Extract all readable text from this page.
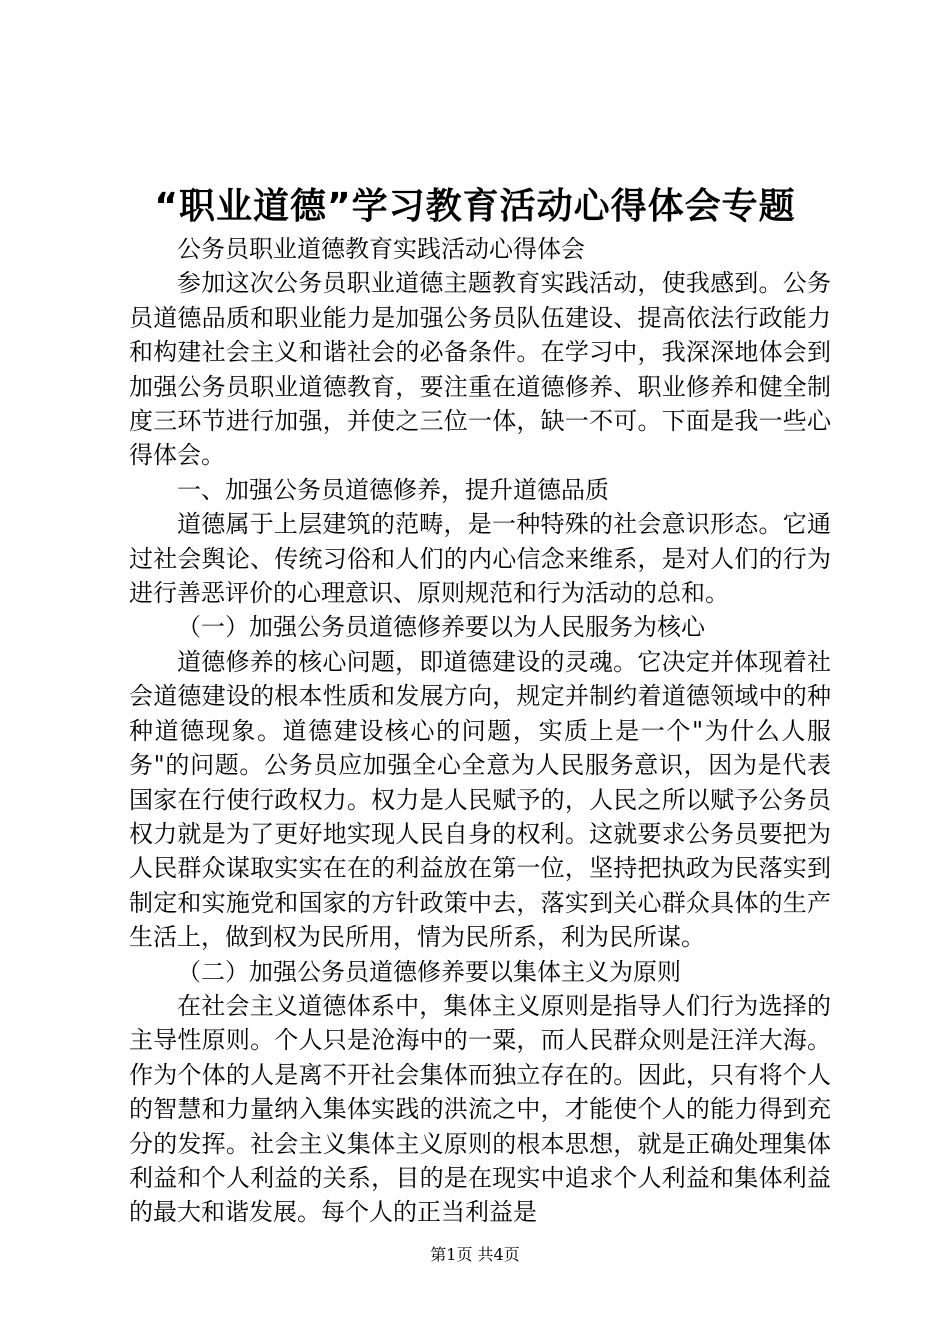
“职业道德”学习教育活动心得体会专题

公务员职业道德教育实践活动心得体会

参加这次公务员职业道德主题教育实践活动，使我感到。公务员道德品质和职业能力是加强公务员队伍建设、提高依法行政能力和构建社会主义和谐社会的必备条件。在学习中，我深深地体会到加强公务员职业道德教育，要注重在道德修养、职业修养和健全制度三环节进行加强，并使之三位一体，缺一不可。下面是我一些心得体会。

一、加强公务员道德修养，提升道德品质

道德属于上层建筑的范畴，是一种特殊的社会意识形态。它通过社会舆论、传统习俗和人们的内心信念来维系，是对人们的行为进行善恶评价的心理意识、原则规范和行为活动的总和。

（一）加强公务员道德修养要以为人民服务为核心

道德修养的核心问题，即道德建设的灵魂。它决定并体现着社会道德建设的根本性质和发展方向，规定并制约着道德领域中的种种道德现象。道德建设核心的问题，实质上是一个"为什么人服务"的问题。公务员应加强全心全意为人民服务意识，因为是代表国家在行使行政权力。权力是人民赋予的，人民之所以赋予公务员权力就是为了更好地实现人民自身的权利。这就要求公务员要把为人民群众谋取实实在在的利益放在第一位，坚持把执政为民落实到制定和实施党和国家的方针政策中去，落实到关心群众具体的生产生活上，做到权为民所用，情为民所系，利为民所谋。

（二）加强公务员道德修养要以集体主义为原则

在社会主义道德体系中，集体主义原则是指导人们行为选择的主导性原则。个人只是沧海中的一粟，而人民群众则是汪洋大海。作为个体的人是离不开社会集体而独立存在的。因此，只有将个人的智慧和力量纳入集体实践的洪流之中，才能使个人的能力得到充分的发挥。社会主义集体主义原则的根本思想，就是正确处理集体利益和个人利益的关系，目的是在现实中追求个人利益和集体利益的最大和谐发展。每个人的正当利益是

第1页 共4页
